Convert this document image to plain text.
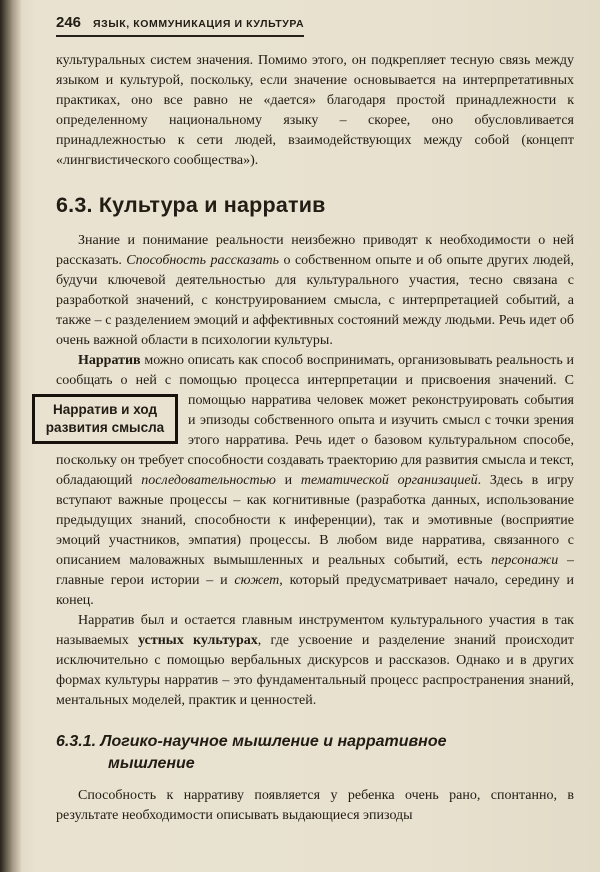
246 ЯЗЫК, КОММУНИКАЦИЯ И КУЛЬТУРА

культуральных систем значения. Помимо этого, он подкрепляет тесную связь между языком и культурой, поскольку, если значение основывается на интерпретативных практиках, оно все равно не «дается» благодаря простой принадлежности к определенному национальному языку – скорее, оно обусловливается принадлежностью к сети людей, взаимодействующих между собой (концепт «лингвистического сообщества»).

6.3. Культура и нарратив

Знание и понимание реальности неизбежно приводят к необходимости о ней рассказать. Способность рассказать о собственном опыте и об опыте других людей, будучи ключевой деятельностью для культурального участия, тесно связана с разработкой значений, с конструированием смысла, с интерпретацией событий, а также – с разделением эмоций и аффективных состояний между людьми. Речь идет об очень важной области в психологии культуры.

Нарратив можно описать как способ воспринимать, организовывать реальность и сообщать о ней с помощью процесса интерпретации и присвоения значений.
Нарратив и ход
развития смысла
С помощью нарратива человек может реконструировать события и эпизоды собственного опыта и изучить смысл с точки зрения этого нарратива. Речь идет о базовом культуральном способе, поскольку он требует способности создавать траекторию для развития смысла и текст, обладающий последовательностью и тематической организацией. Здесь в игру вступают важные процессы – как когнитивные (разработка данных, использование предыдущих знаний, способности к инференции), так и эмотивные (восприятие эмоций участников, эмпатия) процессы. В любом виде нарратива, связанного с описанием маловажных вымышленных и реальных событий, есть персонажи – главные герои истории – и сюжет, который предусматривает начало, середину и конец.

Нарратив был и остается главным инструментом культурального участия в так называемых устных культурах, где усвоение и разделение знаний происходит исключительно с помощью вербальных дискурсов и рассказов. Однако и в других формах культуры нарратив – это фундаментальный процесс распространения знаний, ментальных моделей, практик и ценностей.

6.3.1. Логико-научное мышление и нарративное мышление

Способность к нарративу появляется у ребенка очень рано, спонтанно, в результате необходимости описывать выдающиеся эпизоды
